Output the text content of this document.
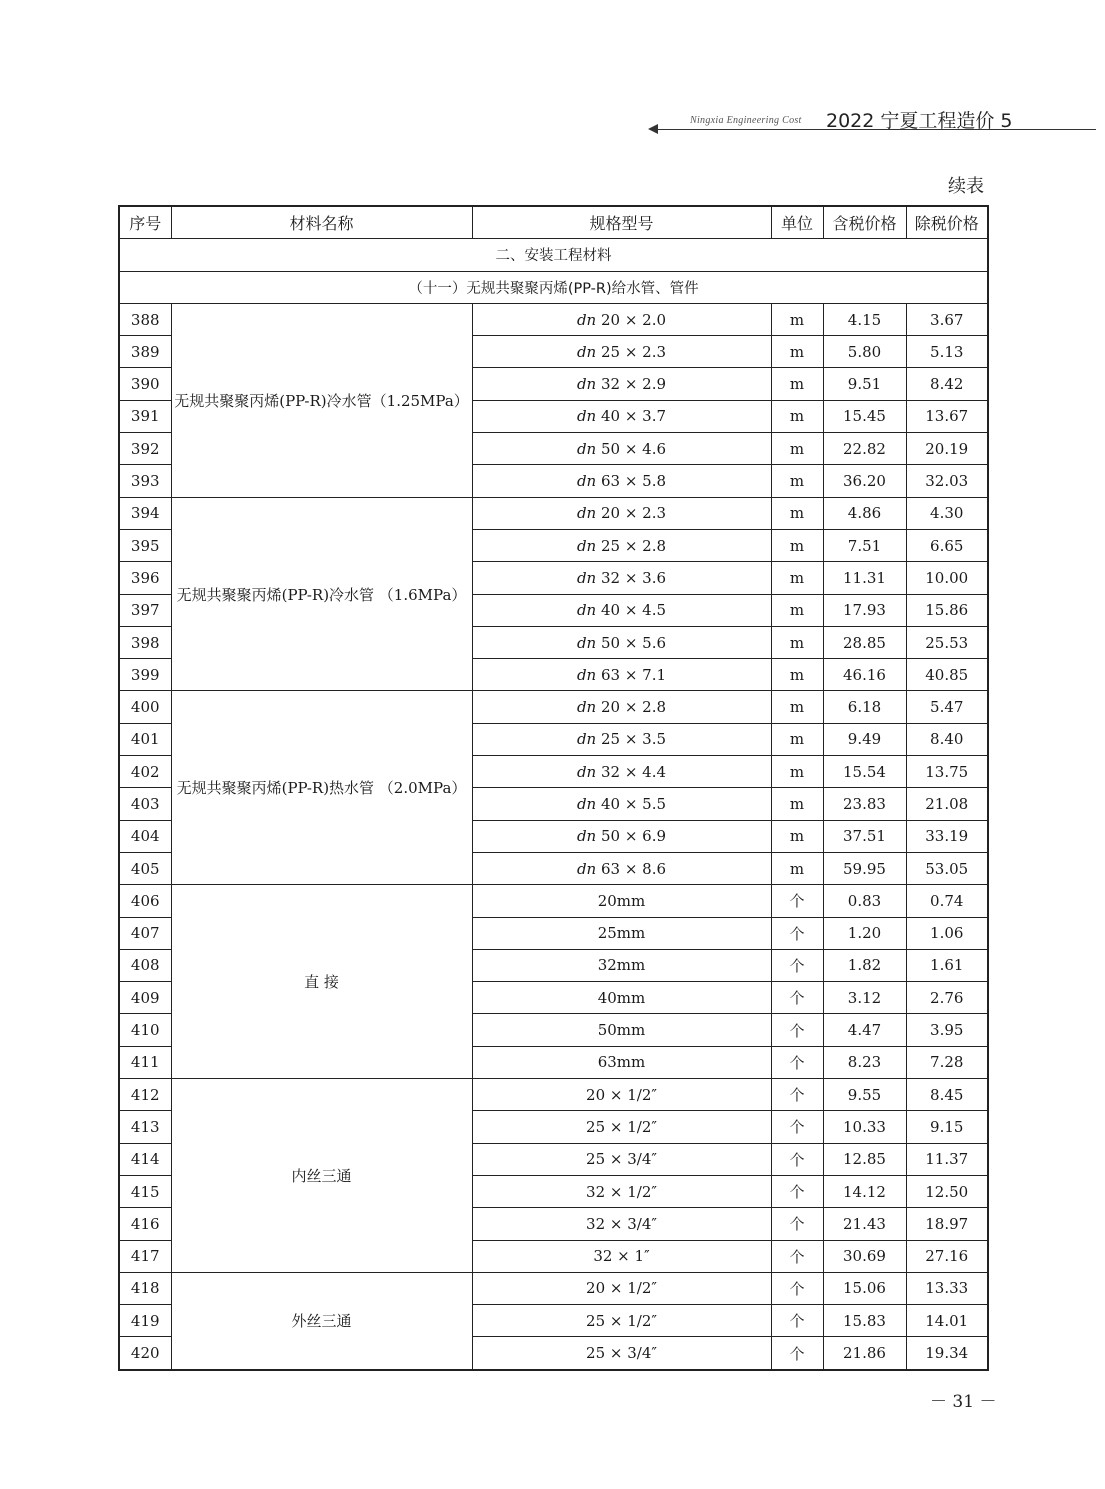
Ningxia Engineering Cost 2022 宁夏工程造价 5
续表
序号	材料名称	规格型号	单位	含税价格	除税价格
二、安装工程材料					
（十一）无规共聚聚丙烯(PP-R)给水管、管件					
388	无规共聚聚丙烯(PP-R)冷水管（1.25MPa）	dn 20 × 2.0	m	4.15	3.67
389		dn 25 × 2.3	m	5.80	5.13
390		dn 32 × 2.9	m	9.51	8.42
391		dn 40 × 3.7	m	15.45	13.67
392		dn 50 × 4.6	m	22.82	20.19
393		dn 63 × 5.8	m	36.20	32.03
394	无规共聚聚丙烯(PP-R)冷水管 （1.6MPa）	dn 20 × 2.3	m	4.86	4.30
395		dn 25 × 2.8	m	7.51	6.65
396		dn 32 × 3.6	m	11.31	10.00
397		dn 40 × 4.5	m	17.93	15.86
398		dn 50 × 5.6	m	28.85	25.53
399		dn 63 × 7.1	m	46.16	40.85
400	无规共聚聚丙烯(PP-R)热水管 （2.0MPa）	dn 20 × 2.8	m	6.18	5.47
401		dn 25 × 3.5	m	9.49	8.40
402		dn 32 × 4.4	m	15.54	13.75
403		dn 40 × 5.5	m	23.83	21.08
404		dn 50 × 6.9	m	37.51	33.19
405		dn 63 × 8.6	m	59.95	53.05
406	直 接	20mm	个	0.83	0.74
407		25mm	个	1.20	1.06
408		32mm	个	1.82	1.61
409		40mm	个	3.12	2.76
410		50mm	个	4.47	3.95
411		63mm	个	8.23	7.28
412	内丝三通	20 × 1/2″	个	9.55	8.45
413		25 × 1/2″	个	10.33	9.15
414		25 × 3/4″	个	12.85	11.37
415		32 × 1/2″	个	14.12	12.50
416		32 × 3/4″	个	21.43	18.97
417		32 × 1″	个	30.69	27.16
418	外丝三通	20 × 1/2″	个	15.06	13.33
419		25 × 1/2″	个	15.83	14.01
420		25 × 3/4″	个	21.86	19.34
－ 31 －
